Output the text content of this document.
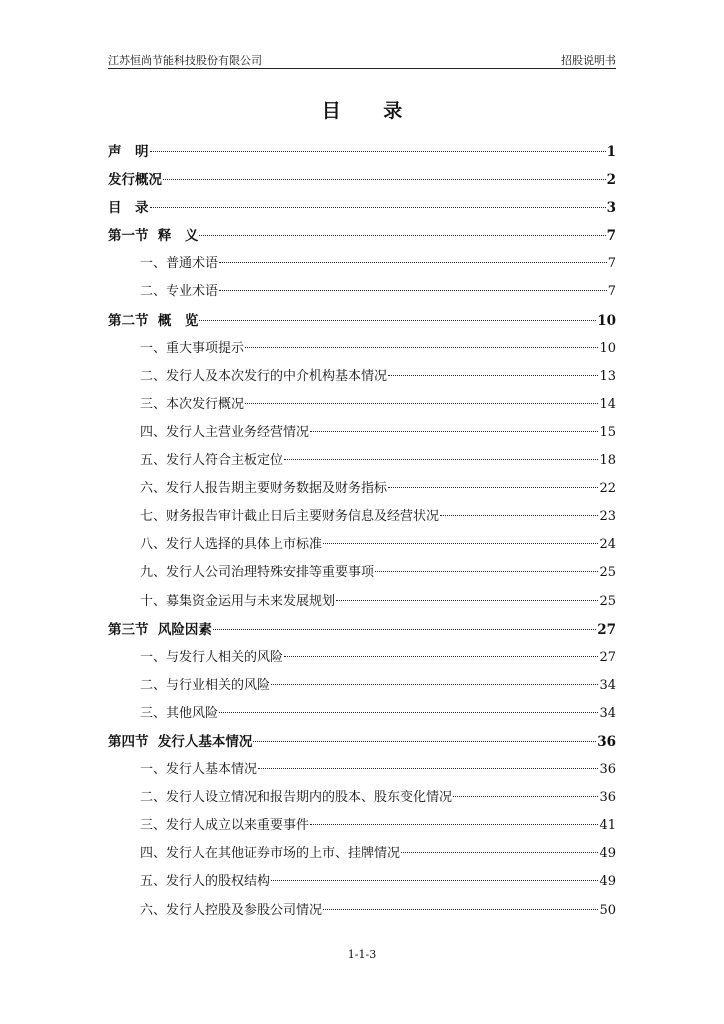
江苏恒尚节能科技股份有限公司	招股说明书
目 录
声　明	1
发行概况	2
目　录	3
第一节  释　义	7
一、普通术语	7
二、专业术语	7
第二节  概　览	10
一、重大事项提示	10
二、发行人及本次发行的中介机构基本情况	13
三、本次发行概况	14
四、发行人主营业务经营情况	15
五、发行人符合主板定位	18
六、发行人报告期主要财务数据及财务指标	22
七、财务报告审计截止日后主要财务信息及经营状况	23
八、发行人选择的具体上市标准	24
九、发行人公司治理特殊安排等重要事项	25
十、募集资金运用与未来发展规划	25
第三节  风险因素	27
一、与发行人相关的风险	27
二、与行业相关的风险	34
三、其他风险	34
第四节  发行人基本情况	36
一、发行人基本情况	36
二、发行人设立情况和报告期内的股本、股东变化情况	36
三、发行人成立以来重要事件	41
四、发行人在其他证券市场的上市、挂牌情况	49
五、发行人的股权结构	49
六、发行人控股及参股公司情况	50
1-1-3
